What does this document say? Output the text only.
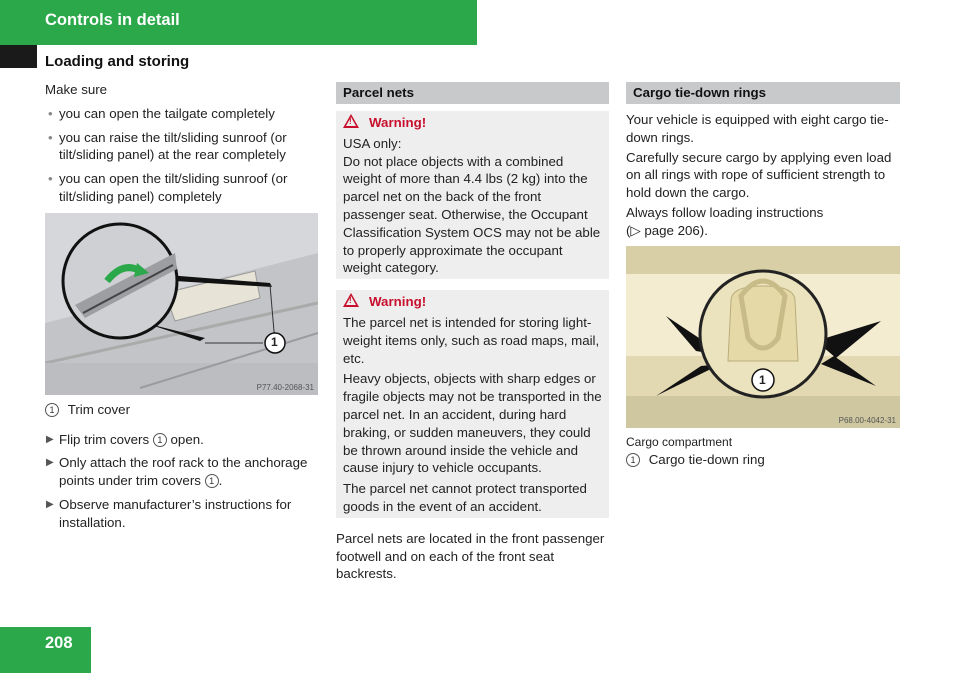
Controls in detail
Loading and storing

Make sure

• you can open the tailgate completely
• you can raise the tilt/sliding sunroof (or tilt/sliding panel) at the rear completely
• you can open the tilt/sliding sunroof (or tilt/sliding panel) completely
1
P77.40-2068-31
1 Trim cover
▶ Flip trim covers 1 open.
▶ Only attach the roof rack to the anchorage points under trim covers 1 .
▶ Observe manufacturer’s instructions for installation.
Parcel nets
!Warning!

USA only:

Do not place objects with a combined weight of more than 4.4 lbs (2 kg) into the parcel net on the back of the front passenger seat. Otherwise, the Occupant Classification System OCS may not be able to properly approximate the occupant weight category.

!Warning!

The parcel net is intended for storing light-weight items only, such as road maps, mail, etc.

Heavy objects, objects with sharp edges or fragile objects may not be transported in the parcel net. In an accident, during hard braking, or sudden maneuvers, they could be thrown around inside the vehicle and cause injury to vehicle occupants.

The parcel net cannot protect transported goods in the event of an accident.

Parcel nets are located in the front passenger footwell and on each of the front seat backrests.

Cargo tie-down rings

Your vehicle is equipped with eight cargo tie-down rings.

Carefully secure cargo by applying even load on all rings with rope of sufficient strength to hold down the cargo.

Always follow loading instructions

(▷ page 206).

1
P68.00-4042-31

Cargo compartment

1 Cargo tie-down ring
208
